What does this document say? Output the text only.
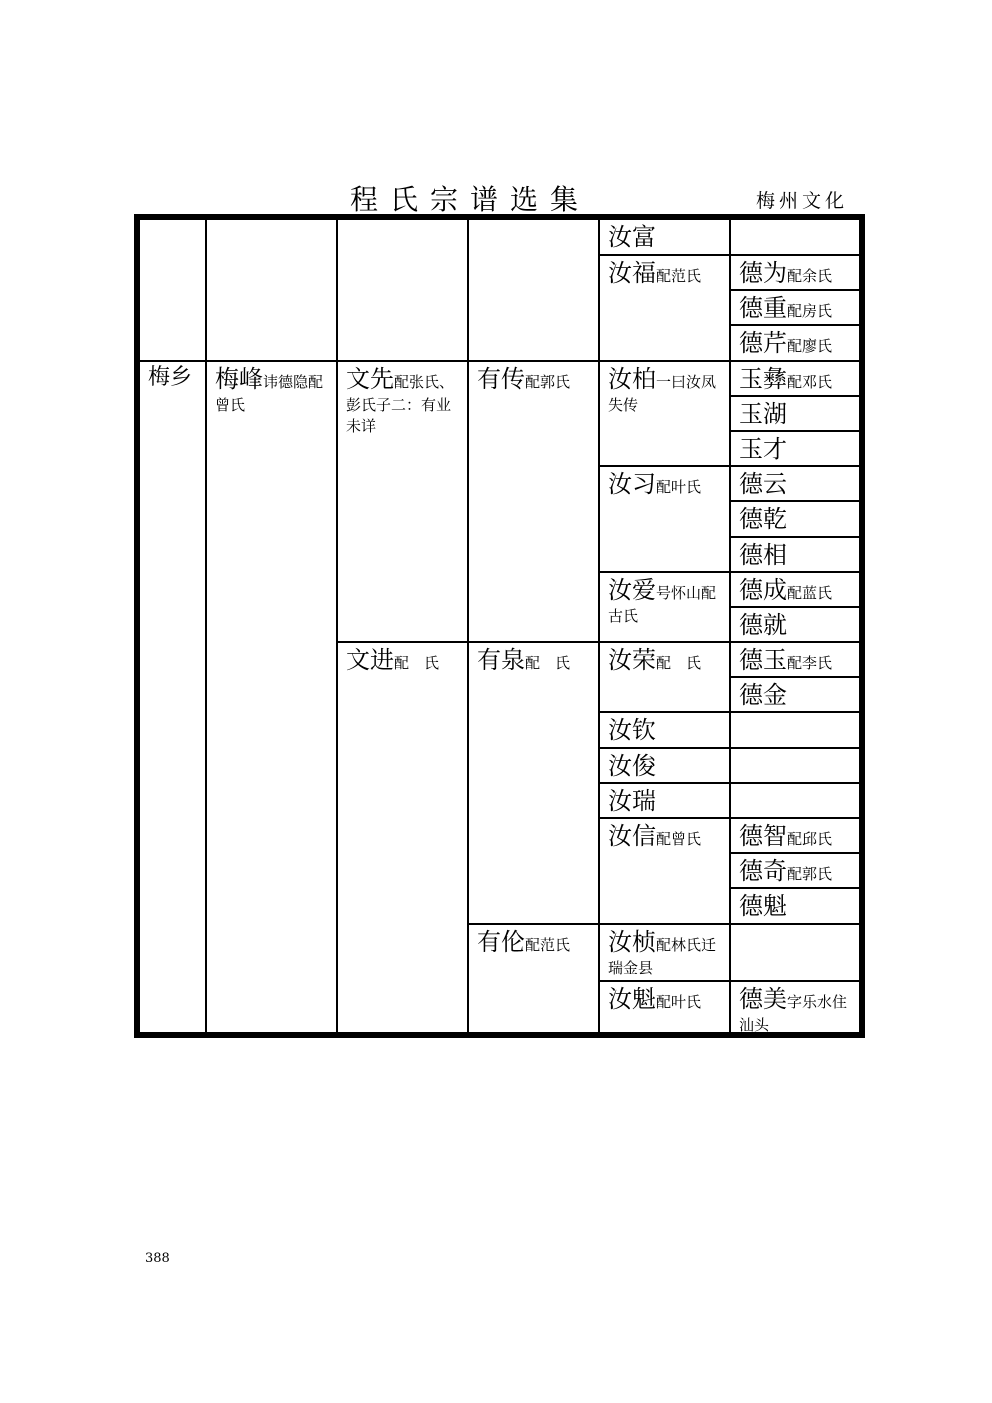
程氏宗谱选集	梅州文化
				汝富	
				汝福配范氏	德为配余氏
					德重配房氏
					德芹配廖氏
梅乡	梅峰讳德隐配曾氏	文先配张氏、彭氏子二：有业未详	有传配郭氏	汝柏一曰汝凤失传	玉彝配邓氏
					玉湖
					玉才
				汝习配叶氏	德云
					德乾
					德相
				汝爱号怀山配古氏	德成配蓝氏
					德就
		文进配　氏	有泉配　氏	汝荣配　氏	德玉配李氏
					德金
				汝钦	
				汝俊	
				汝瑞	
				汝信配曾氏	德智配邱氏
					德奇配郭氏
					德魁
			有伦配范氏	汝桢配林氏迁瑞金县	
				汝魁配叶氏	德美字乐水住汕头

388
